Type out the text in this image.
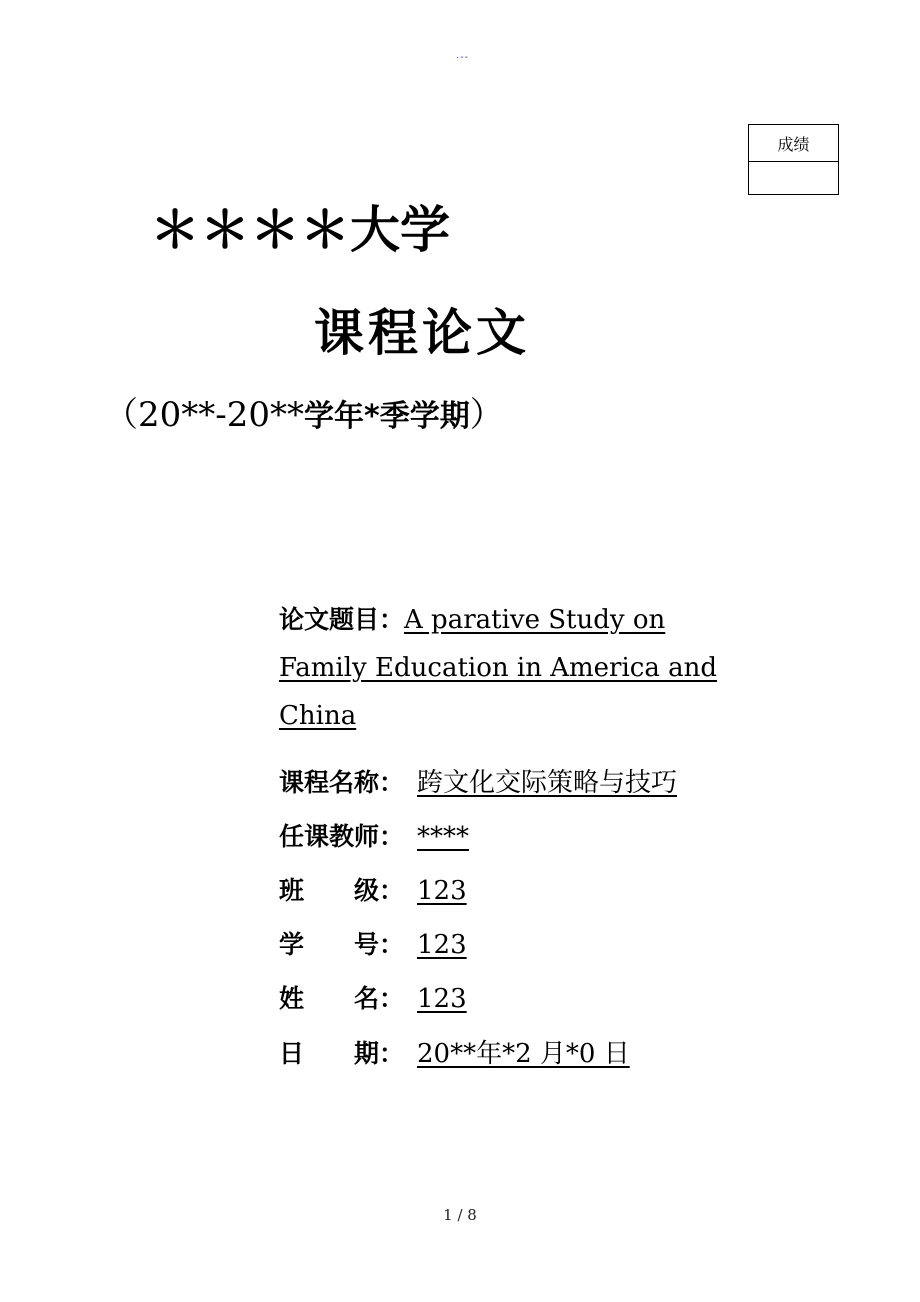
·--
成绩
＊＊＊＊大学
课程论文
（20**-20**学年*季学期）
论文题目：A parative Study on Family Education in America and China
课程名称： 跨文化交际策略与技巧
任课教师： ****
班　　级： 123
学　　号： 123
姓　　名： 123
日　　期： 20**年*2 月*0 日
1 / 8
